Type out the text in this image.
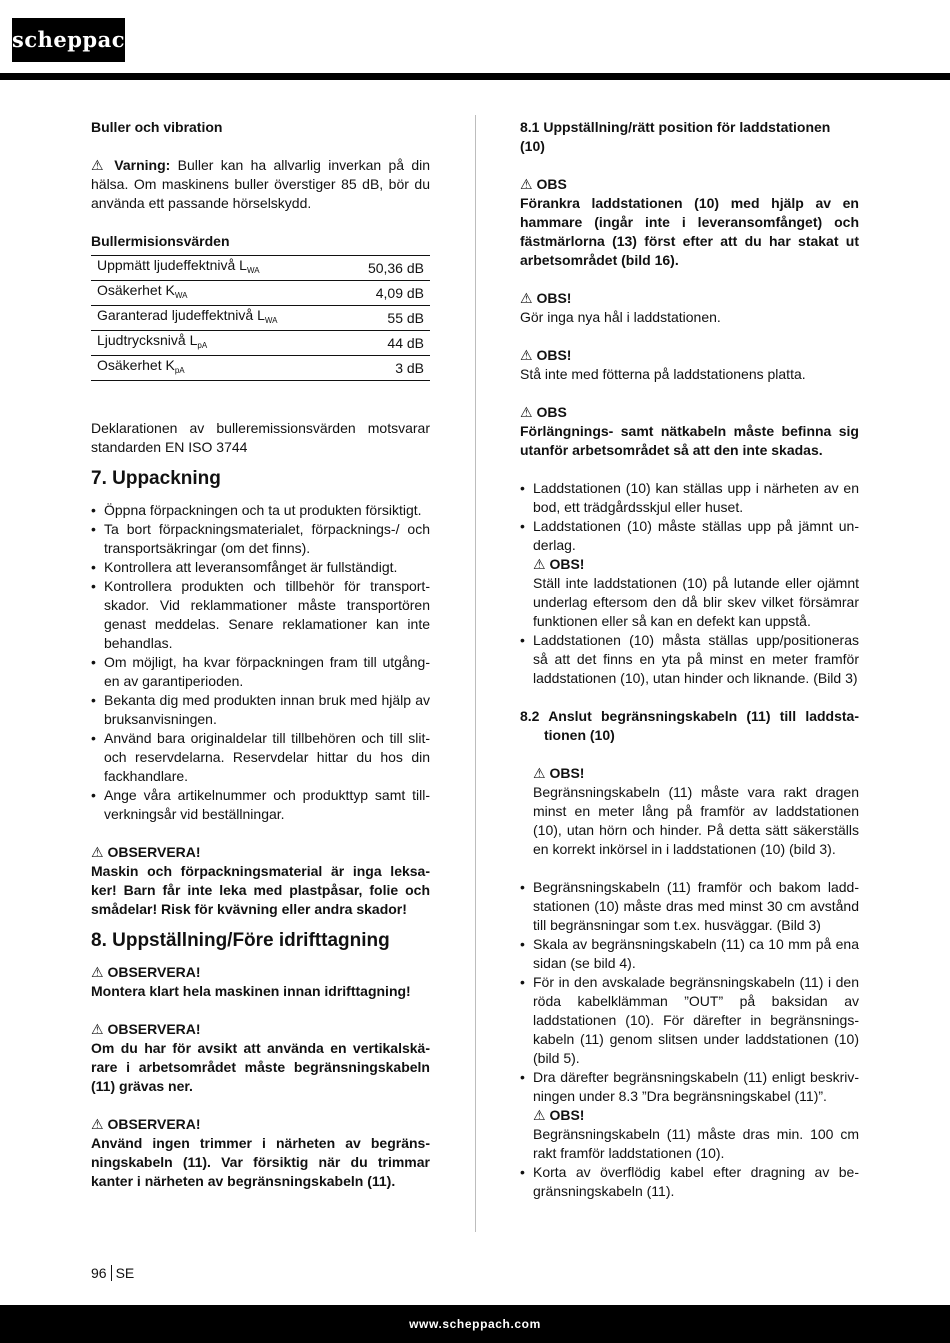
scheppach

Buller och vibration

⚠ Varning: Buller kan ha allvarlig inverkan på din hälsa. Om maskinens buller överstiger 85 dB, bör du använda ett passande hörselskydd.

Bullermisionsvärden

Uppmätt ljudeffektnivå $L_{WA}$	50,36 dB
Osäkerhet $K_{WA}$	4,09 dB
Garanterad ljudeffektnivå $L_{WA}$	55 dB
Ljudtrycksnivå $L_{pA}$	44 dB
Osäkerhet $K_{pA}$	3 dB

Deklarationen av bulleremissionsvärden motsvarar standarden EN ISO 3744

7. Uppackning
• Öppna förpackningen och ta ut produkten försiktigt.
• Ta bort förpackningsmaterialet, förpacknings-/ och transportsäkringar (om det finns).
• Kontrollera att leveransomfånget är fullständigt.
• Kontrollera produkten och tillbehör för transport-skador. Vid reklammationer måste transportören genast meddelas. Senare reklamationer kan inte behandlas.
• Om möjligt, ha kvar förpackningen fram till utgång-en av garantiperioden.
• Bekanta dig med produkten innan bruk med hjälp av bruksanvisningen.
• Använd bara originaldelar till tillbehören och till slit-och reservdelarna. Reservdelar hittar du hos din fackhandlare.
• Ange våra artikelnummer och produkttyp samt till-verkningsår vid beställningar.

⚠ OBSERVERA!

Maskin och förpackningsmaterial är inga leksa-ker! Barn får inte leka med plastpåsar, folie och smådelar! Risk för kvävning eller andra skador!

8. Uppställning/Före idrifttagning

⚠ OBSERVERA!

Montera klart hela maskinen innan idrifttagning!

⚠ OBSERVERA!

Om du har för avsikt att använda en vertikalskä-rare i arbetsområdet måste begränsningskabeln (11) grävas ner.

⚠ OBSERVERA!

Använd ingen trimmer i närheten av begräns-ningskabeln (11). Var försiktig när du trimmar kanter i närheten av begränsningskabeln (11).

8.1 Uppställning/rätt position för laddstationen (10)

⚠ OBS

Förankra laddstationen (10) med hjälp av en hammare (ingår inte i leveransomfånget) och fästmärlorna (13) först efter att du har stakat ut arbetsområdet (bild 16).

⚠ OBS!

Gör inga nya hål i laddstationen.

⚠ OBS!

Stå inte med fötterna på laddstationens platta.

⚠ OBS

Förlängnings- samt nätkabeln måste befinna sig utanför arbetsområdet så att den inte skadas.

• Laddstationen (10) kan ställas upp i närheten av en bod, ett trädgårdsskjul eller huset.
• Laddstationen (10) måste ställas upp på jämnt un-derlag.
⚠ OBS!
Ställ inte laddstationen (10) på lutande eller ojämnt underlag eftersom den då blir skev vilket försämrar funktionen eller så kan en defekt kan uppstå.
• Laddstationen (10) måsta ställas upp/positioneras så att det finns en yta på minst en meter framför laddstationen (10), utan hinder och liknande. (Bild 3)

8.2 Anslut begränsningskabeln (11) till laddsta-tionen (10)

⚠ OBS!

Begränsningskabeln (11) måste vara rakt dragen minst en meter lång på framför av laddstationen (10), utan hörn och hinder. På detta sätt säkerställs en korrekt inkörsel in i laddstationen (10) (bild 3).

• Begränsningskabeln (11) framför och bakom ladd-stationen (10) måste dras med minst 30 cm avstånd till begränsningar som t.ex. husväggar. (Bild 3)
• Skala av begränsningskabeln (11) ca 10 mm på ena sidan (se bild 4).
• För in den avskalade begränsningskabeln (11) i den röda kabelklämman ”OUT” på baksidan av laddstationen (10). För därefter in begränsnings-kabeln (11) genom slitsen under laddstationen (10) (bild 5).
• Dra därefter begränsningskabeln (11) enligt beskriv-ningen under 8.3 ”Dra begränsningskabel (11)”.
⚠ OBS!
Begränsningskabeln (11) måste dras min. 100 cm rakt framför laddstationen (10).
• Korta av överflödig kabel efter dragning av be-gränsningskabeln (11).
96 SE
www.scheppach.com
